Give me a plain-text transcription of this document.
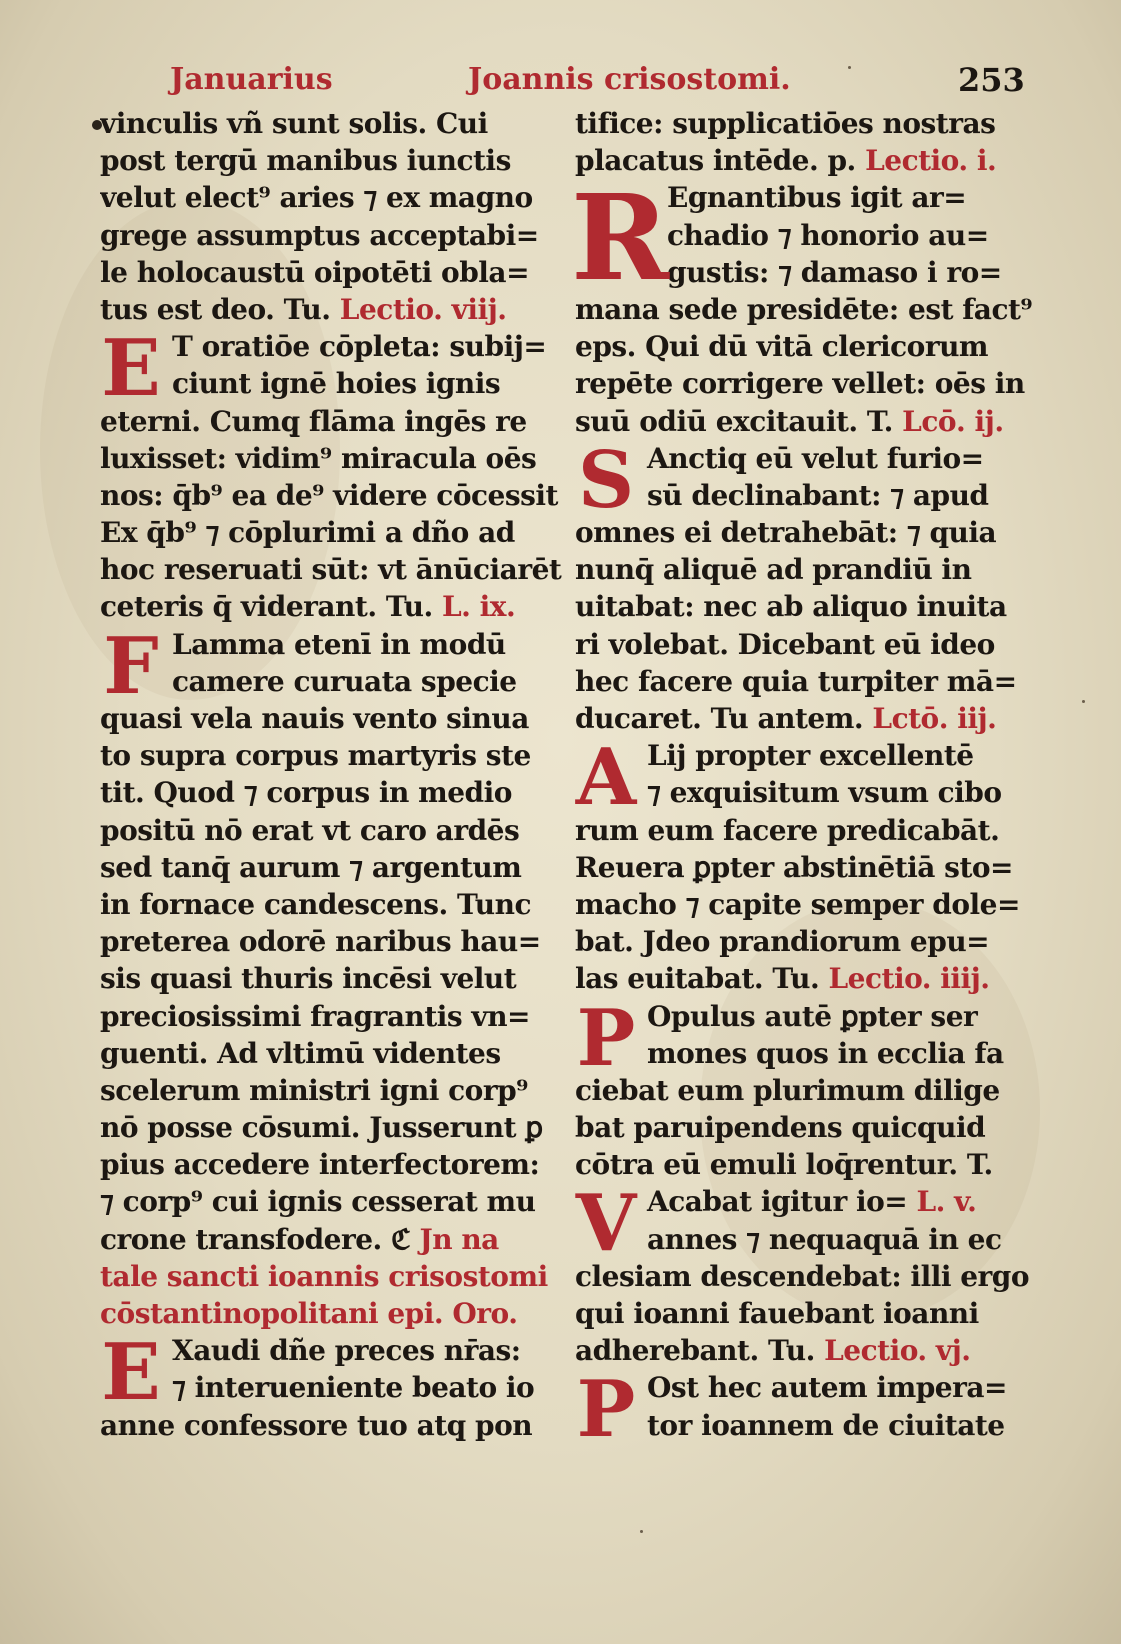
Januarius	Joannis crisostomi.	253
vinculis vñ sunt solis. Cui
post tergū manibus iunctis
velut elect⁹ aries ⁊ ex magno
grege assumptus acceptabi=
le holocaustū oipotēti obla=
tus est deo. Tu. Lectio. viij.
E T oratiōe cōpleta: subij=
ciunt ignē hoies ignis
eterni. Cumq̧ flāma ingēs re
luxisset: vidim⁹ miracula oēs
nos: q̄b⁹ ea de⁹ videre cōcessit
Ex q̄b⁹ ⁊ cōplurimi a dño ad
hoc reseruati sūt: vt ānūciarēt
ceteris q̄ viderant. Tu. L. ix.
F Lamma etenī in modū
camere curuata specie
quasi vela nauis vento sinua
to supra corpus martyris ste
tit. Quod ⁊ corpus in medio
positū nō erat vt caro ardēs
sed tanq̄ aurum ⁊ argentum
in fornace candescens. Tunc
preterea odorē naribus hau=
sis quasi thuris incēsi velut
preciosissimi fragrantis vn=
guenti. Ad vltimū videntes
scelerum ministri igni corp⁹
nō posse cōsumi. Jusserunt ꝑ
pius accedere interfectorem:
⁊ corp⁹ cui ignis cesserat mu
crone transfodere. ℭ Jn na
tale sancti ioannis crisostomi
cōstantinopolitani epi. Oro.
E Xaudi dñe preces nr̄as:
⁊ interueniente beato io
anne confessore tuo atq̧ pon
tifice: supplicatiōes nostras
placatus intēde. p. Lectio. i.
R
Egnantibus igit ar=
chadio ⁊ honorio au=
gustis: ⁊ damaso i ro=
mana sede presidēte: est fact⁹
eps. Qui dū vitā clericorum
repēte corrigere vellet: oēs in
suū odiū excitauit. T. Lcō. ij.
S Anctiq̧ eū velut furio=
sū declinabant: ⁊ apud
omnes ei detrahebāt: ⁊ quia
nunq̄ aliquē ad prandiū in
uitabat: nec ab aliquo inuita
ri volebat. Dicebant eū ideo
hec facere quia turpiter mā=
ducaret. Tu antem. Lctō. iij.
A Lij propter excellentē
⁊ exquisitum vsum cibo
rum eum facere predicabāt.
Reuera ꝑpter abstinētiā sto=
macho ⁊ capite semper dole=
bat. Jdeo prandiorum epu=
las euitabat. Tu. Lectio. iiij.
P Opulus autē ꝑpter ser
mones quos in ecclia fa
ciebat eum plurimum dilige
bat paruipendens quicquid
cōtra eū emuli loq̄rentur. T.
V Acabat igitur io= L. v.
annes ⁊ nequaquā in ec
clesiam descendebat: illi ergo
qui ioanni fauebant ioanni
adherebant. Tu. Lectio. vj.
P Ost hec autem impera=
tor ioannem de ciuitate
